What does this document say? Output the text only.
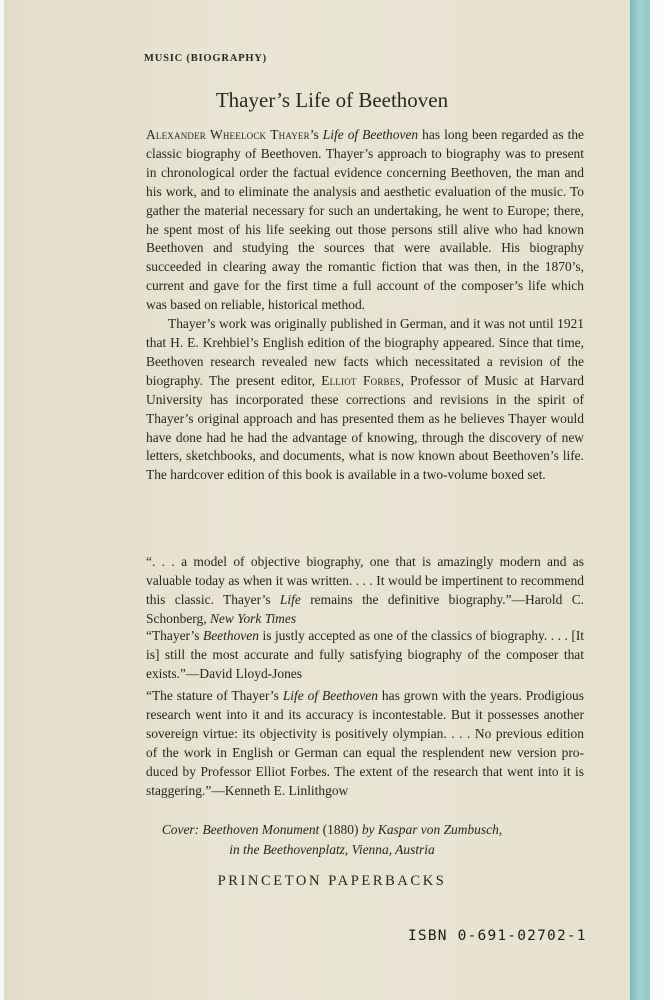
MUSIC (BIOGRAPHY)
Thayer’s Life of Beethoven

Alexander Wheelock Thayer’s Life of Beethoven has long been regarded as the classic biography of Beethoven. Thayer’s approach to biography was to present in chronological order the factual evidence concerning Beethoven, the man and his work, and to eliminate the analysis and aesthetic evaluation of the music. To gather the material necessary for such an undertaking, he went to Europe; there, he spent most of his life seeking out those persons still alive who had known Beethoven and studying the sources that were available. His biography succeeded in clearing away the romantic fiction that was then, in the 1870’s, current and gave for the first time a full account of the composer’s life which was based on reliable, historical method.

Thayer’s work was originally published in German, and it was not until 1921 that H. E. Krehbiel’s English edition of the biography appeared. Since that time, Beethoven research revealed new facts which necessitated a revision of the biography. The present editor, Elliot Forbes, Professor of Music at Harvard University has incorporated these corrections and revisions in the spirit of Thayer’s original approach and has presented them as he believes Thayer would have done had he had the advantage of knowing, through the discovery of new letters, sketchbooks, and documents, what is now known about Beethoven’s life. The hardcover edition of this book is available in a two-volume boxed set.

“. . . a model of objective biography, one that is amazingly modern and as valuable today as when it was written. . . . It would be impertinent to recommend this classic. Thayer’s Life remains the definitive biography.”—Harold C. Schonberg, New York Times

“Thayer’s Beethoven is justly accepted as one of the classics of biography. . . . [It is] still the most accurate and fully satisfying biography of the composer that exists.”—David Lloyd-Jones

“The stature of Thayer’s Life of Beethoven has grown with the years. Prodigious research went into it and its accuracy is incontestable. But it possesses another sovereign virtue: its objectivity is positively olympian. . . . No previous edition of the work in English or German can equal the resplendent new version produced by Professor Elliot Forbes. The extent of the research that went into it is staggering.”—Kenneth E. Linlithgow

Cover: Beethoven Monument (1880) by Kaspar von Zumbusch,
in the Beethovenplatz, Vienna, Austria
PRINCETON PAPERBACKS
ISBN 0-691-02702-1
